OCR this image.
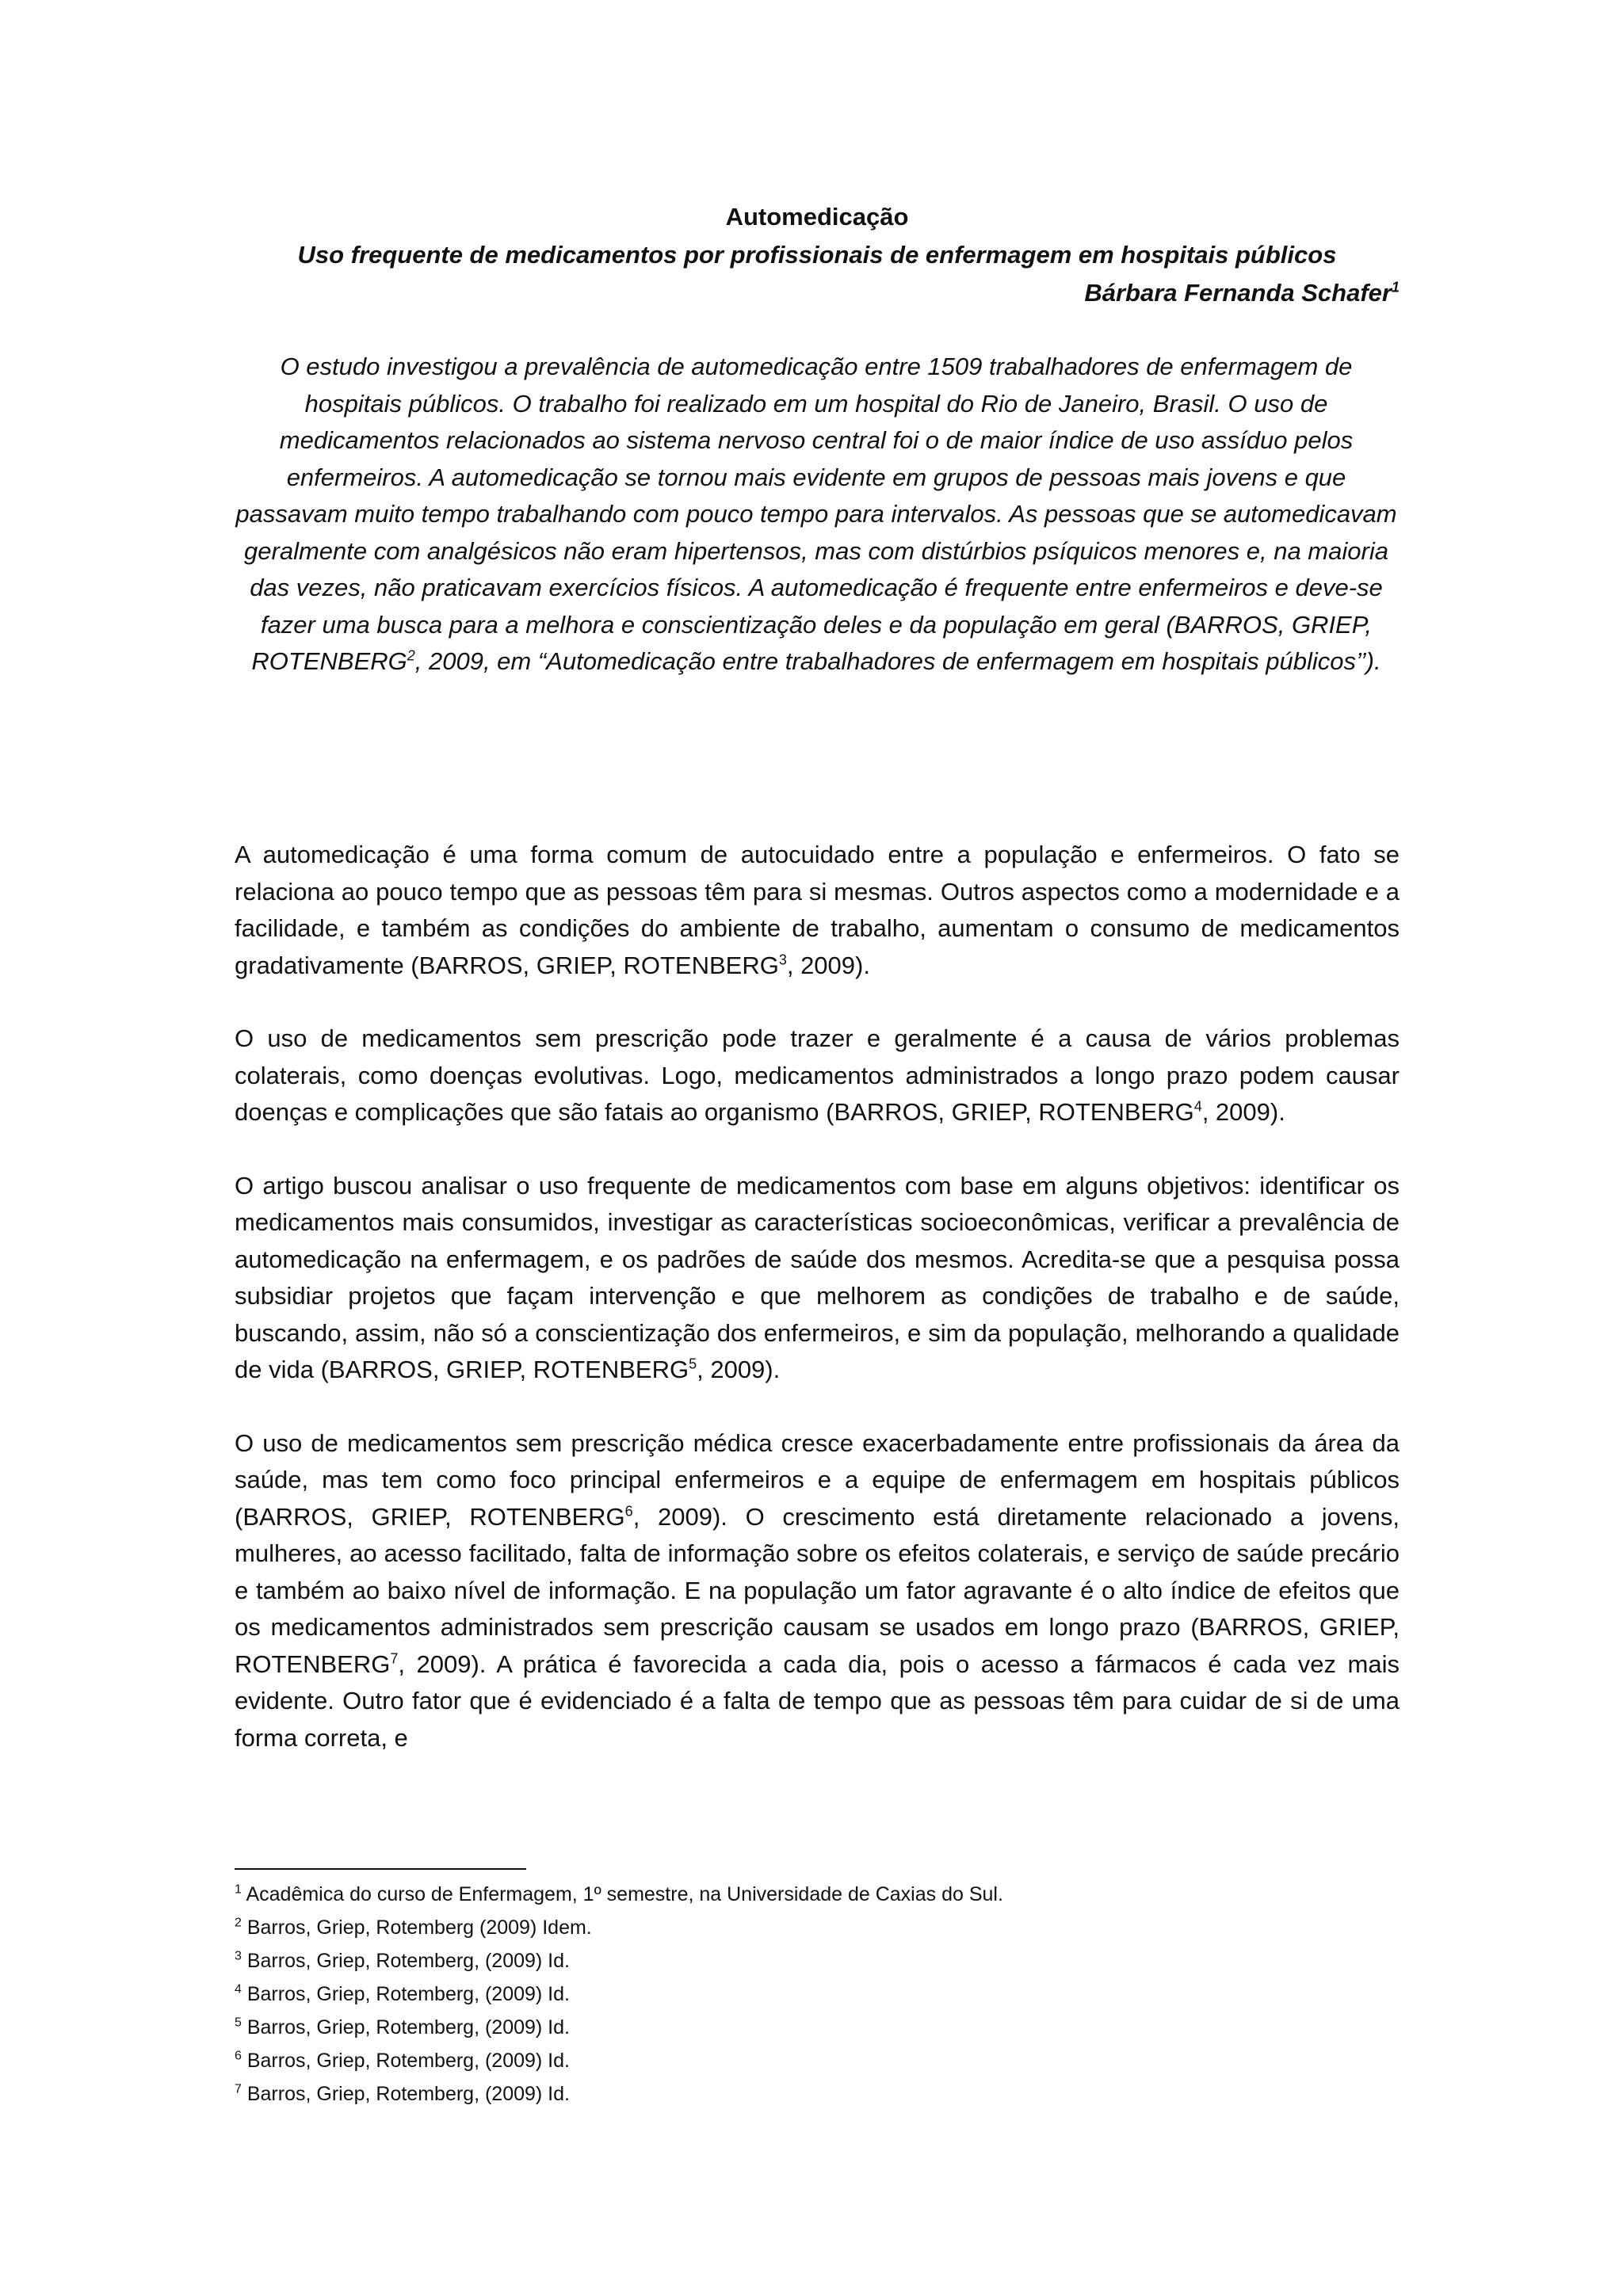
Automedicação

Uso frequente de medicamentos por profissionais de enfermagem em hospitais públicos

Bárbara Fernanda Schafer$^1$

O estudo investigou a prevalência de automedicação entre 1509 trabalhadores de enfermagem de hospitais públicos. O trabalho foi realizado em um hospital do Rio de Janeiro, Brasil. O uso de medicamentos relacionados ao sistema nervoso central foi o de maior índice de uso assíduo pelos enfermeiros. A automedicação se tornou mais evidente em grupos de pessoas mais jovens e que passavam muito tempo trabalhando com pouco tempo para intervalos. As pessoas que se automedicavam geralmente com analgésicos não eram hipertensos, mas com distúrbios psíquicos menores e, na maioria das vezes, não praticavam exercícios físicos. A automedicação é frequente entre enfermeiros e deve-se fazer uma busca para a melhora e conscientização deles e da população em geral (BARROS, GRIEP, ROTENBERG$^2$, 2009, em “Automedicação entre trabalhadores de enfermagem em hospitais públicos’’).

A automedicação é uma forma comum de autocuidado entre a população e enfermeiros. O fato se relaciona ao pouco tempo que as pessoas têm para si mesmas. Outros aspectos como a modernidade e a facilidade, e também as condições do ambiente de trabalho, aumentam o consumo de medicamentos gradativamente (BARROS, GRIEP, ROTENBERG$^3$, 2009).

O uso de medicamentos sem prescrição pode trazer e geralmente é a causa de vários problemas colaterais, como doenças evolutivas. Logo, medicamentos administrados a longo prazo podem causar doenças e complicações que são fatais ao organismo (BARROS, GRIEP, ROTENBERG$^4$, 2009).

O artigo buscou analisar o uso frequente de medicamentos com base em alguns objetivos: identificar os medicamentos mais consumidos, investigar as características socioeconômicas, verificar a prevalência de automedicação na enfermagem, e os padrões de saúde dos mesmos. Acredita-se que a pesquisa possa subsidiar projetos que façam intervenção e que melhorem as condições de trabalho e de saúde, buscando, assim, não só a conscientização dos enfermeiros, e sim da população, melhorando a qualidade de vida (BARROS, GRIEP, ROTENBERG$^5$, 2009).

O uso de medicamentos sem prescrição médica cresce exacerbadamente entre profissionais da área da saúde, mas tem como foco principal enfermeiros e a equipe de enfermagem em hospitais públicos (BARROS, GRIEP, ROTENBERG$^6$, 2009). O crescimento está diretamente relacionado a jovens, mulheres, ao acesso facilitado, falta de informação sobre os efeitos colaterais, e serviço de saúde precário e também ao baixo nível de informação. E na população um fator agravante é o alto índice de efeitos que os medicamentos administrados sem prescrição causam se usados em longo prazo (BARROS, GRIEP, ROTENBERG$^7$, 2009). A prática é favorecida a cada dia, pois o acesso a fármacos é cada vez mais evidente. Outro fator que é evidenciado é a falta de tempo que as pessoas têm para cuidar de si de uma forma correta, e

$^1$ Acadêmica do curso de Enfermagem, 1º semestre, na Universidade de Caxias do Sul.

$^2$ Barros, Griep, Rotemberg (2009) Idem.

$^3$ Barros, Griep, Rotemberg, (2009) Id.

$^4$ Barros, Griep, Rotemberg, (2009) Id.

$^5$ Barros, Griep, Rotemberg, (2009) Id.

$^6$ Barros, Griep, Rotemberg, (2009) Id.

$^7$ Barros, Griep, Rotemberg, (2009) Id.
